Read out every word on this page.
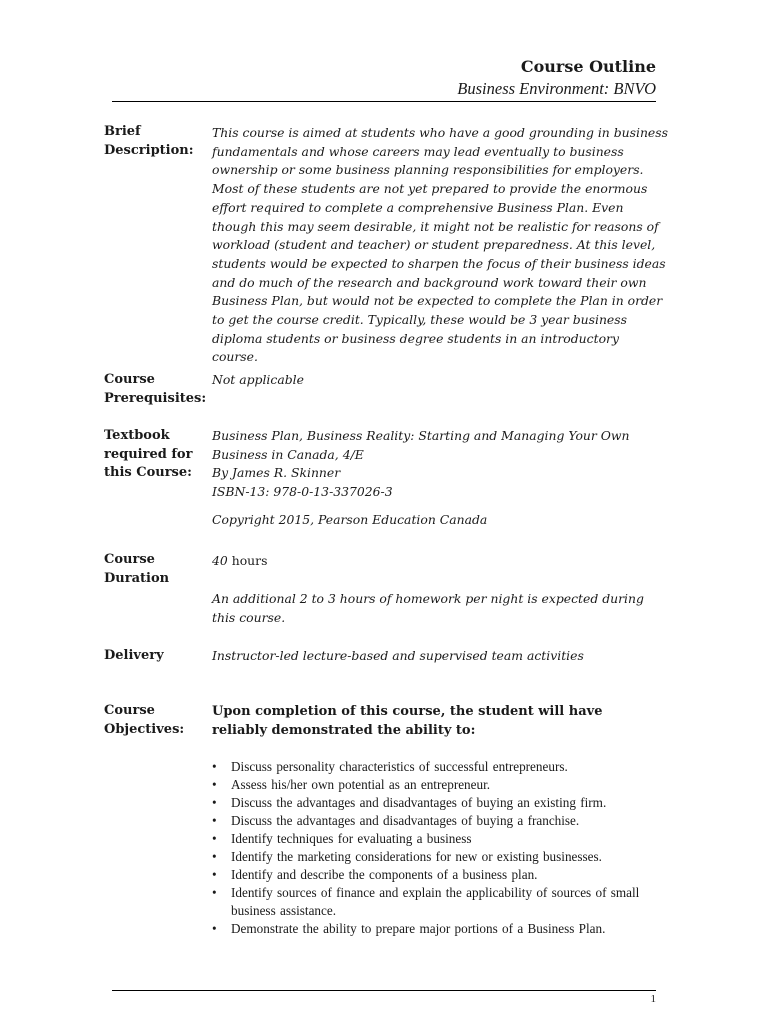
Course Outline
Business Environment: BNVO
Brief
Description:

This course is aimed at students who have a good grounding in business fundamentals and whose careers may lead eventually to business ownership or some business planning responsibilities for employers. Most of these students are not yet prepared to provide the enormous effort required to complete a comprehensive Business Plan. Even though this may seem desirable, it might not be realistic for reasons of workload (student and teacher) or student preparedness. At this level, students would be expected to sharpen the focus of their business ideas and do much of the research and background work toward their own Business Plan, but would not be expected to complete the Plan in order to get the course credit. Typically, these would be 3 year business diploma students or business degree students in an introductory course.

Course
Prerequisites:

Not applicable

Textbook
required for
this Course:
Business Plan, Business Reality: Starting and Managing Your Own
Business in Canada, 4/E
By James R. Skinner
ISBN-13: 978-0-13-337026-3
Copyright 2015, Pearson Education Canada
Course
Duration
40 hours

An additional 2 to 3 hours of homework per night is expected during this course.

Delivery	Instructor-led lecture-based and supervised team activities

Course
Objectives:
Upon completion of this course, the student will have reliably demonstrated the ability to:
• Discuss personality characteristics of successful entrepreneurs.
• Assess his/her own potential as an entrepreneur.
• Discuss the advantages and disadvantages of buying an existing firm.
• Discuss the advantages and disadvantages of buying a franchise.
• Identify techniques for evaluating a business
• Identify the marketing considerations for new or existing businesses.
• Identify and describe the components of a business plan.
• Identify sources of finance and explain the applicability of sources of small business assistance.
• Demonstrate the ability to prepare major portions of a Business Plan.
1
